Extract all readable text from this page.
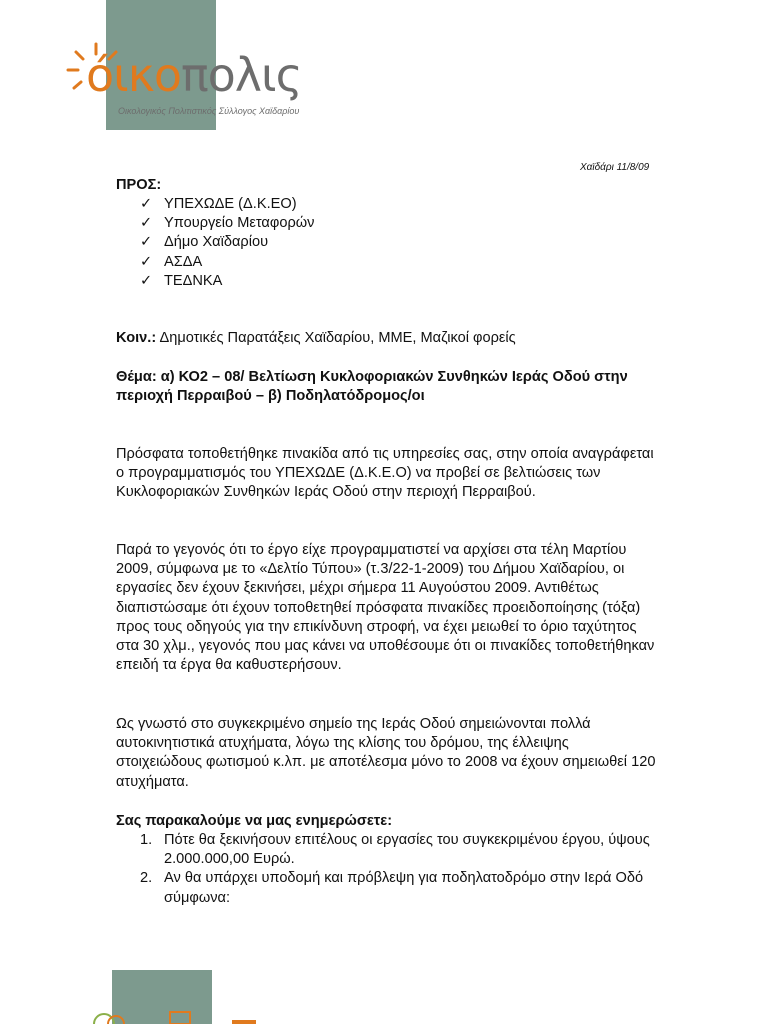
όικοπολις
Οικολογικός Πολιτιστικός Σύλλογος Χαϊδαρίου
Χαϊδάρι 11/8/09
ΠΡΟΣ:
✓ ΥΠΕΧΩΔΕ (Δ.Κ.ΕΟ)
✓ Υπουργείο Μεταφορών
✓ Δήμο Χαϊδαρίου
✓ ΑΣΔΑ
✓ ΤΕΔΝΚΑ
Κοιν.: Δημοτικές Παρατάξεις Χαϊδαρίου, ΜΜΕ, Μαζικοί φορείς
Θέμα: α) ΚΟ2 – 08/ Βελτίωση Κυκλοφοριακών Συνθηκών Ιεράς Οδού στην περιοχή Περραιβού – β) Ποδηλατόδρομος/οι

Πρόσφατα τοποθετήθηκε πινακίδα από τις υπηρεσίες σας, στην οποία αναγράφεται ο προγραμματισμός του ΥΠΕΧΩΔΕ (Δ.Κ.Ε.Ο) να προβεί σε βελτιώσεις των Κυκλοφοριακών Συνθηκών Ιεράς Οδού στην περιοχή Περραιβού.

Παρά το γεγονός ότι το έργο είχε προγραμματιστεί να αρχίσει στα τέλη Μαρτίου 2009, σύμφωνα με το «Δελτίο Τύπου» (τ.3/22-1-2009) του Δήμου Χαϊδαρίου, οι εργασίες δεν έχουν ξεκινήσει, μέχρι σήμερα 11 Αυγούστου 2009. Αντιθέτως διαπιστώσαμε ότι έχουν τοποθετηθεί πρόσφατα πινακίδες προειδοποίησης (τόξα) προς τους οδηγούς για την επικίνδυνη στροφή, να έχει μειωθεί το όριο ταχύτητος στα 30 χλμ., γεγονός που μας κάνει να υποθέσουμε ότι οι πινακίδες τοποθετήθηκαν επειδή τα έργα θα καθυστερήσουν.

Ως γνωστό στο συγκεκριμένο σημείο της Ιεράς Οδού σημειώνονται πολλά αυτοκινητιστικά ατυχήματα, λόγω της κλίσης του δρόμου, της έλλειψης στοιχειώδους φωτισμού κ.λπ. με αποτέλεσμα μόνο το 2008 να έχουν σημειωθεί 120 ατυχήματα.

Σας παρακαλούμε να μας ενημερώσετε:
1. Πότε θα ξεκινήσουν επιτέλους οι εργασίες του συγκεκριμένου έργου, ύψους 2.000.000,00 Ευρώ.
2. Αν θα υπάρχει υποδομή και πρόβλεψη για ποδηλατοδρόμο στην Ιερά Οδό σύμφωνα:
